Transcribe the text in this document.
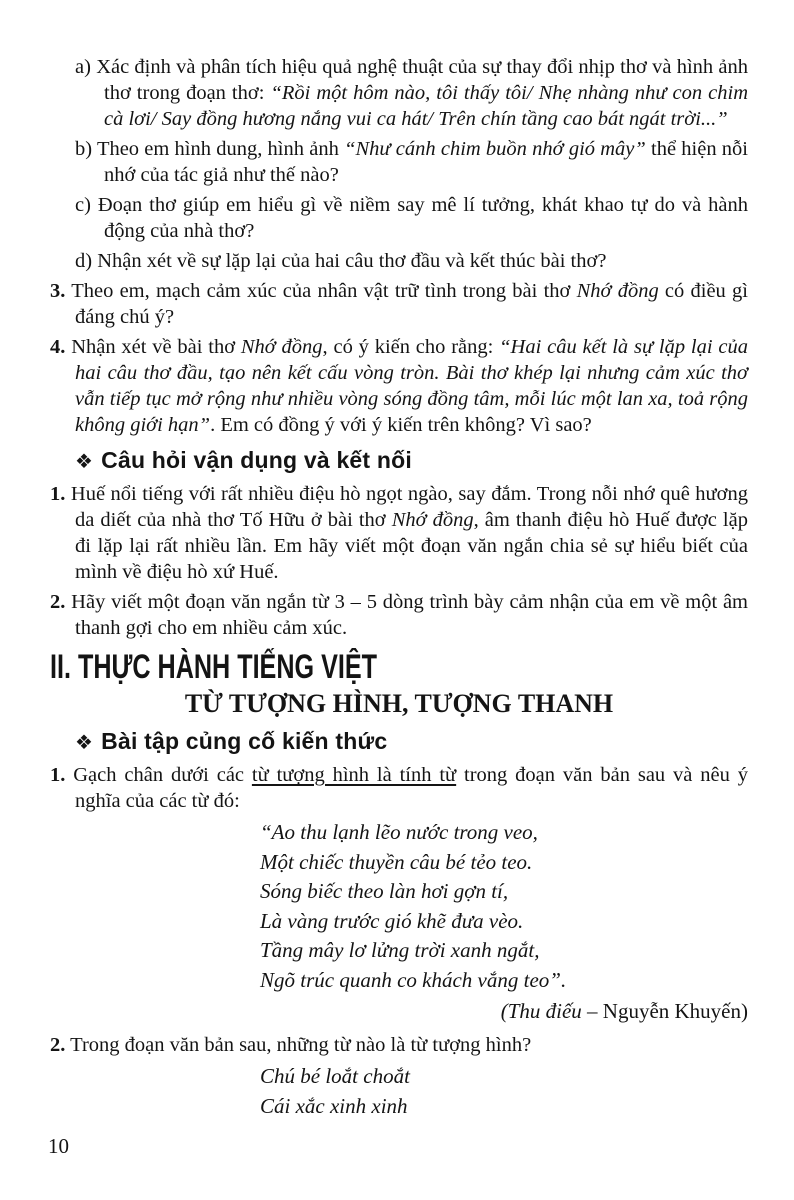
a) Xác định và phân tích hiệu quả nghệ thuật của sự thay đổi nhịp thơ và hình ảnh thơ trong đoạn thơ: “Rồi một hôm nào, tôi thấy tôi/ Nhẹ nhàng như con chim cà lơi/ Say đồng hương nắng vui ca hát/ Trên chín tầng cao bát ngát trời...”

b) Theo em hình dung, hình ảnh “Như cánh chim buồn nhớ gió mây” thể hiện nỗi nhớ của tác giả như thế nào?

c) Đoạn thơ giúp em hiểu gì về niềm say mê lí tưởng, khát khao tự do và hành động của nhà thơ?

d) Nhận xét về sự lặp lại của hai câu thơ đầu và kết thúc bài thơ?

3. Theo em, mạch cảm xúc của nhân vật trữ tình trong bài thơ Nhớ đồng có điều gì đáng chú ý?

4. Nhận xét về bài thơ Nhớ đồng, có ý kiến cho rằng: “Hai câu kết là sự lặp lại của hai câu thơ đầu, tạo nên kết cấu vòng tròn. Bài thơ khép lại nhưng cảm xúc thơ vẫn tiếp tục mở rộng như nhiều vòng sóng đồng tâm, mỗi lúc một lan xa, toả rộng không giới hạn”. Em có đồng ý với ý kiến trên không? Vì sao?

❖ Câu hỏi vận dụng và kết nối

1. Huế nổi tiếng với rất nhiều điệu hò ngọt ngào, say đắm. Trong nỗi nhớ quê hương da diết của nhà thơ Tố Hữu ở bài thơ Nhớ đồng, âm thanh điệu hò Huế được lặp đi lặp lại rất nhiều lần. Em hãy viết một đoạn văn ngắn chia sẻ sự hiểu biết của mình về điệu hò xứ Huế.

2. Hãy viết một đoạn văn ngắn từ 3 – 5 dòng trình bày cảm nhận của em về một âm thanh gợi cho em nhiều cảm xúc.

II. THỰC HÀNH TIẾNG VIỆT
TỪ TƯỢNG HÌNH, TƯỢNG THANH
❖ Bài tập củng cố kiến thức

1. Gạch chân dưới các từ tượng hình là tính từ trong đoạn văn bản sau và nêu ý nghĩa của các từ đó:

“Ao thu lạnh lẽo nước trong veo,
Một chiếc thuyền câu bé tẻo teo.
Sóng biếc theo làn hơi gợn tí,
Là vàng trước gió khẽ đưa vèo.
Tầng mây lơ lửng trời xanh ngắt,
Ngõ trúc quanh co khách vắng teo”.
(Thu điếu – Nguyễn Khuyến)

2. Trong đoạn văn bản sau, những từ nào là từ tượng hình?

Chú bé loắt choắt
Cái xắc xinh xinh
10
